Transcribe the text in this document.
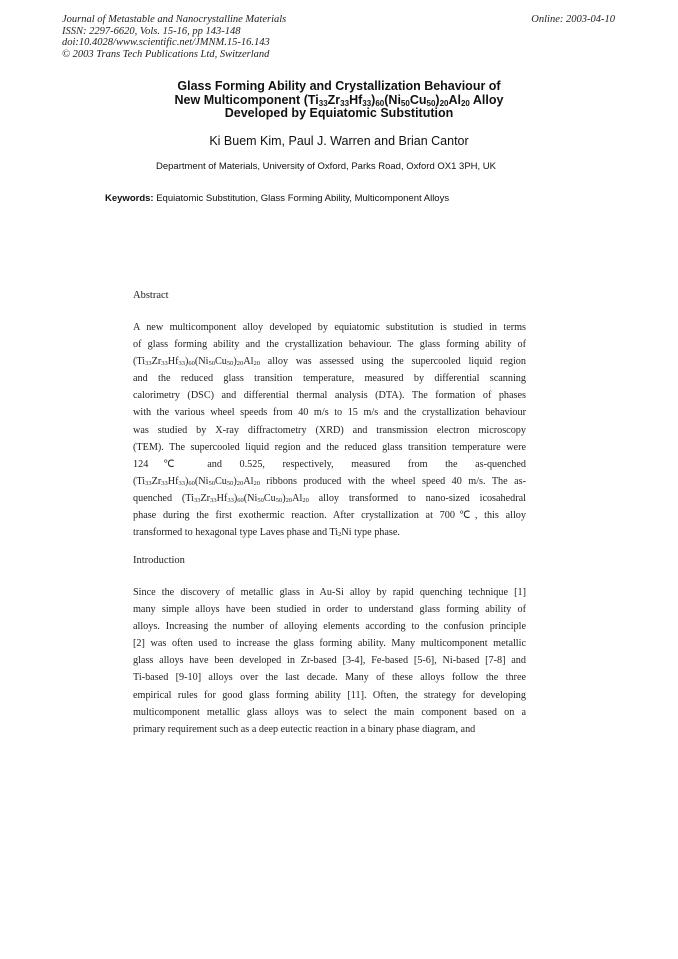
Journal of Metastable and Nanocrystalline Materials
ISSN: 2297-6620, Vols. 15-16, pp 143-148
doi:10.4028/www.scientific.net/JMNM.15-16.143
© 2003 Trans Tech Publications Ltd, Switzerland
Online: 2003-04-10
Glass Forming Ability and Crystallization Behaviour of
New Multicomponent $(Ti_{33}Zr_{33}Hf_{33})_{60}(Ni_{50}Cu_{50})_{20}Al_{20}$ Alloy
Developed by Equiatomic Substitution
Ki Buem Kim, Paul J. Warren and Brian Cantor
Department of Materials, University of Oxford, Parks Road, Oxford OX1 3PH, UK
Keywords: Equiatomic Substitution, Glass Forming Ability, Multicomponent Alloys
Abstract
A new multicomponent alloy developed by equiatomic substitution is studied in terms
of glass forming ability and the crystallization behaviour. The glass forming ability of
$(Ti_{33}Zr_{33}Hf_{33})_{60}(Ni_{50}Cu_{50})_{20}Al_{20}$ alloy was assessed using the supercooled liquid region
and the reduced glass transition temperature, measured by differential scanning
calorimetry (DSC) and differential thermal analysis (DTA). The formation of phases
with the various wheel speeds from 40 m/s to 15 m/s and the crystallization behaviour
was studied by X-ray diffractometry (XRD) and transmission electron microscopy
(TEM). The supercooled liquid region and the reduced glass transition temperature were
124℃ and 0.525, respectively, measured from the as-quenched
$(Ti_{33}Zr_{33}Hf_{33})_{60}(Ni_{50}Cu_{50})_{20}Al_{20}$ ribbons produced with the wheel speed 40 m/s. The as-
quenched $(Ti_{33}Zr_{33}Hf_{33})_{60}(Ni_{50}Cu_{50})_{20}Al_{20}$ alloy transformed to nano-sized icosahedral
phase during the first exothermic reaction. After crystallization at 700℃, this alloy
transformed to hexagonal type Laves phase and $Ti_2Ni$ type phase.
Introduction
Since the discovery of metallic glass in Au-Si alloy by rapid quenching technique [1]
many simple alloys have been studied in order to understand glass forming ability of
alloys. Increasing the number of alloying elements according to the confusion principle
[2] was often used to increase the glass forming ability. Many multicomponent metallic
glass alloys have been developed in Zr-based [3-4], Fe-based [5-6], Ni-based [7-8] and
Ti-based [9-10] alloys over the last decade. Many of these alloys follow the three
empirical rules for good glass forming ability [11]. Often, the strategy for developing
multicomponent metallic glass alloys was to select the main component based on a
primary requirement such as a deep eutectic reaction in a binary phase diagram, and
